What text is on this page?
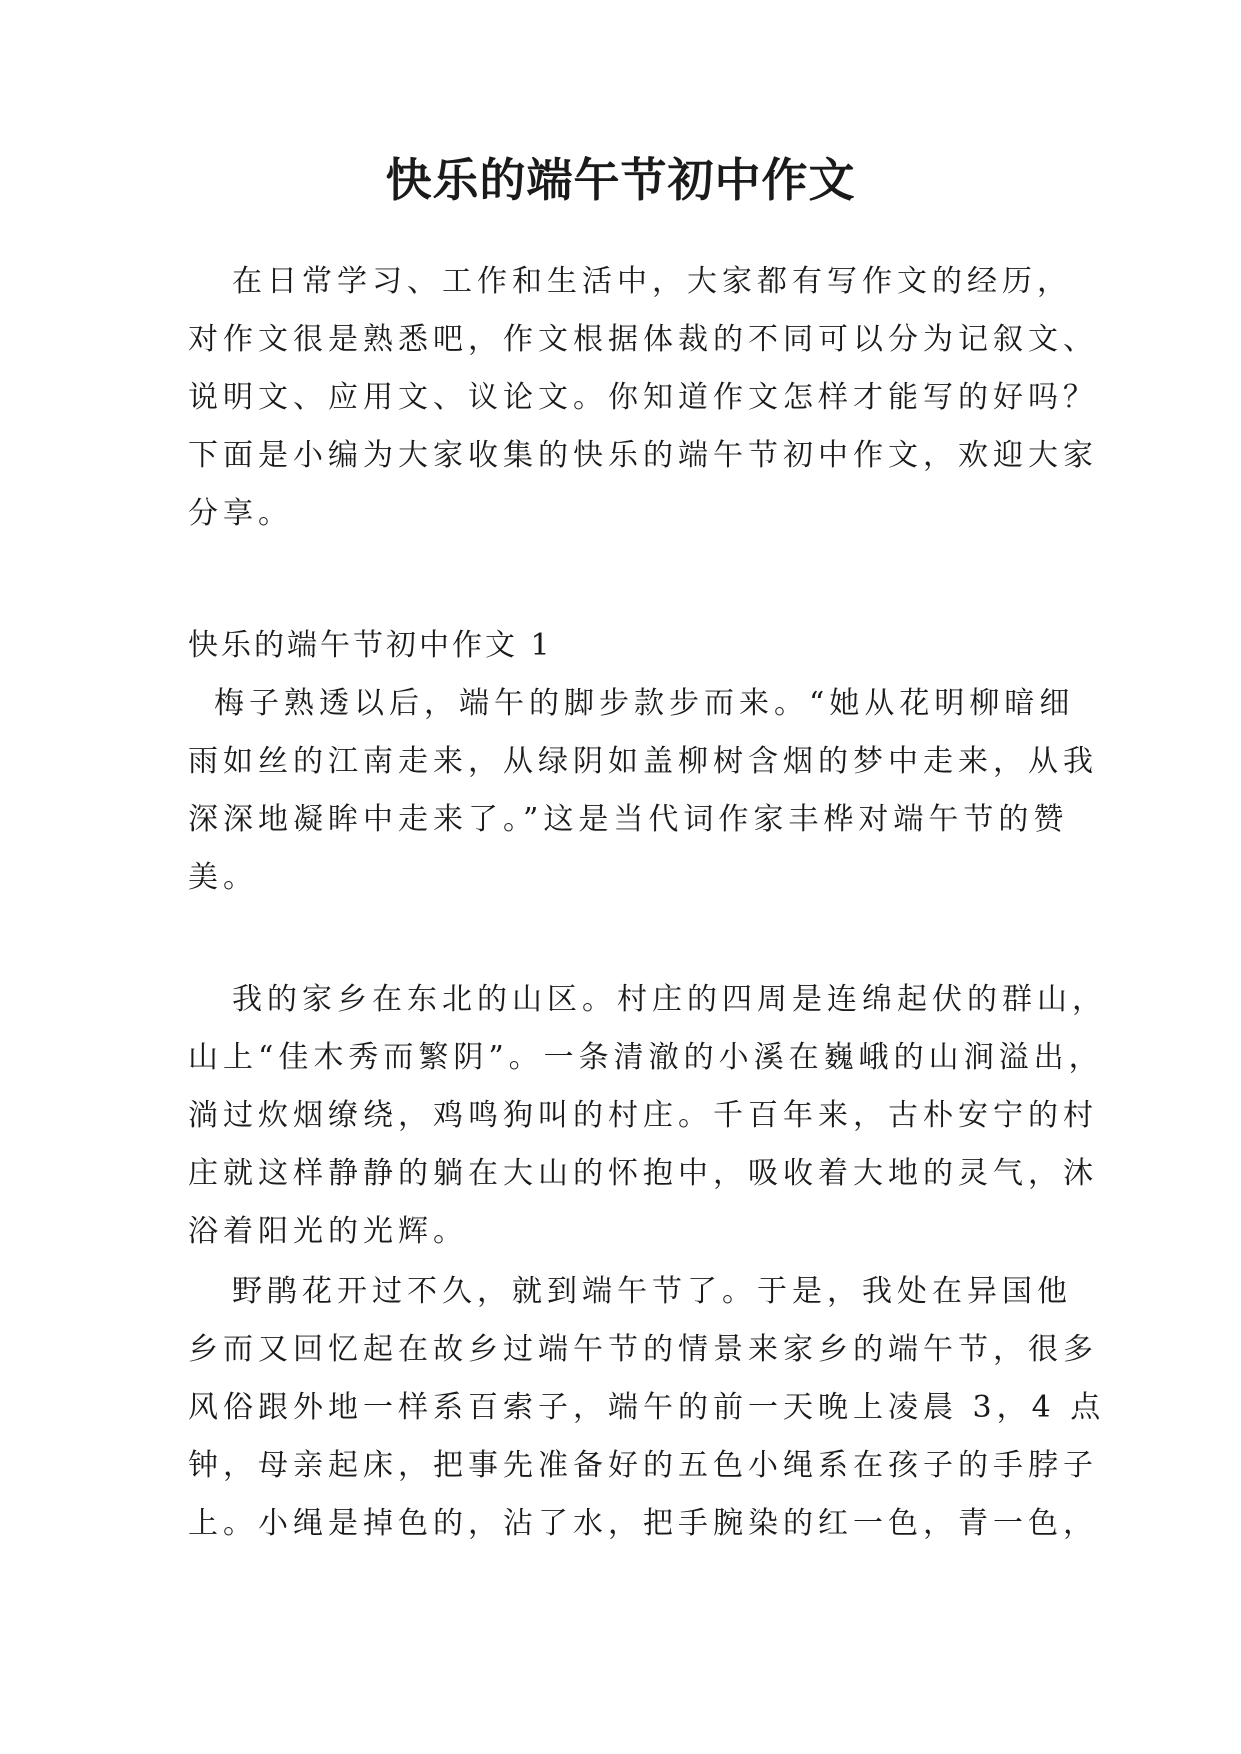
快乐的端午节初中作文
在日常学习、工作和生活中，大家都有写作文的经历，
对作文很是熟悉吧，作文根据体裁的不同可以分为记叙文、
说明文、应用文、议论文。你知道作文怎样才能写的好吗？
下面是小编为大家收集的快乐的端午节初中作文，欢迎大家
分享。
快乐的端午节初中作文 1
梅子熟透以后，端午的脚步款步而来。“她从花明柳暗细
雨如丝的江南走来，从绿阴如盖柳树含烟的梦中走来，从我
深深地凝眸中走来了。”这是当代词作家丰桦对端午节的赞
美。
我的家乡在东北的山区。村庄的四周是连绵起伏的群山，
山上“佳木秀而繁阴”。一条清澈的小溪在巍峨的山涧溢出，
淌过炊烟缭绕，鸡鸣狗叫的村庄。千百年来，古朴安宁的村
庄就这样静静的躺在大山的怀抱中，吸收着大地的灵气，沐
浴着阳光的光辉。
野鹃花开过不久，就到端午节了。于是，我处在异国他
乡而又回忆起在故乡过端午节的情景来家乡的端午节，很多
风俗跟外地一样系百索子，端午的前一天晚上凌晨 3，4 点
钟，母亲起床，把事先准备好的五色小绳系在孩子的手脖子
上。小绳是掉色的，沾了水，把手腕染的红一色，青一色，
